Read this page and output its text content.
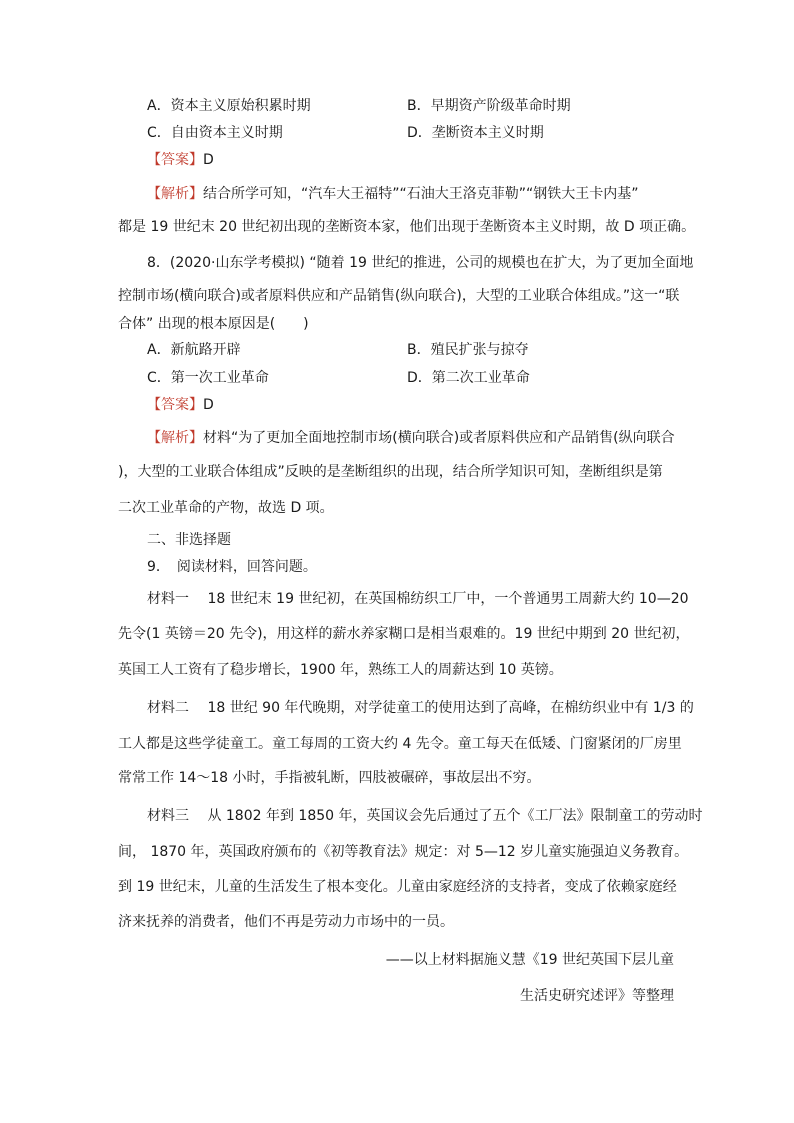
A．资本主义原始积累时期	B．早期资产阶级革命时期
C．自由资本主义时期	D．垄断资本主义时期
【答案】D
【解析】结合所学可知，“汽车大王福特”“石油大王洛克菲勒”“钢铁大王卡内基”
都是 19 世纪末 20 世纪初出现的垄断资本家，他们出现于垄断资本主义时期，故 D 项正确。
8．(2020·山东学考模拟) “随着 19 世纪的推进，公司的规模也在扩大，为了更加全面地
控制市场(横向联合)或者原料供应和产品销售(纵向联合)，大型的工业联合体组成。”这一“联
合体” 出现的根本原因是(　　)
A．新航路开辟	B．殖民扩张与掠夺
C．第一次工业革命	D．第二次工业革命
【答案】D
【解析】材料“为了更加全面地控制市场(横向联合)或者原料供应和产品销售(纵向联合
)，大型的工业联合体组成”反映的是垄断组织的出现，结合所学知识可知，垄断组织是第
二次工业革命的产物，故选 D 项。
二、非选择题
9．　阅读材料，回答问题。
材料一　 18 世纪末 19 世纪初，在英国棉纺织工厂中，一个普通男工周薪大约 10—20
先令(1 英镑＝20 先令)，用这样的薪水养家糊口是相当艰难的。19 世纪中期到 20 世纪初，
英国工人工资有了稳步增长，1900 年，熟练工人的周薪达到 10 英镑。
材料二　 18 世纪 90 年代晚期，对学徒童工的使用达到了高峰，在棉纺织业中有 1/3 的
工人都是这些学徒童工。童工每周的工资大约 4 先令。童工每天在低矮、门窗紧闭的厂房里
常常工作 14～18 小时，手指被轧断，四肢被碾碎，事故层出不穷。
材料三　 从 1802 年到 1850 年，英国议会先后通过了五个《工厂法》限制童工的劳动时
间， 1870 年，英国政府颁布的《初等教育法》规定：对 5—12 岁儿童实施强迫义务教育。
到 19 世纪末，儿童的生活发生了根本变化。儿童由家庭经济的支持者，变成了依赖家庭经
济来抚养的消费者，他们不再是劳动力市场中的一员。
——以上材料据施义慧《19 世纪英国下层儿童
生活史研究述评》等整理
